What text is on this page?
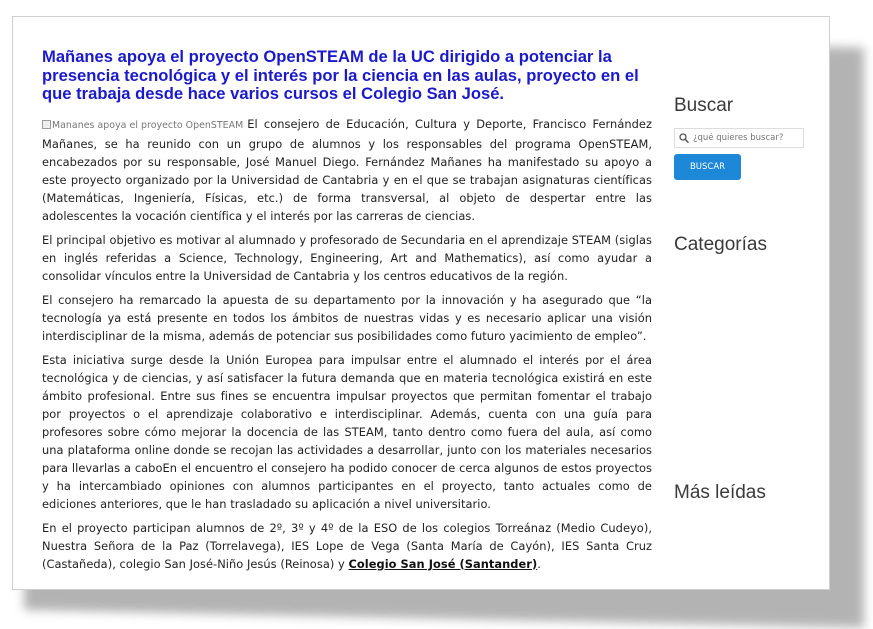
Mañanes apoya el proyecto OpenSTEAM de la UC dirigido a potenciar la presencia tecnológica y el interés por la ciencia en las aulas, proyecto en el que trabaja desde hace varios cursos el Colegio San José.

Mananes apoya el proyecto OpenSTEAM El consejero de Educación, Cultura y Deporte, Francisco Fernández Mañanes, se ha reunido con un grupo de alumnos y los responsables del programa OpenSTEAM, encabezados por su responsable, José Manuel Diego. Fernández Mañanes ha manifestado su apoyo a este proyecto organizado por la Universidad de Cantabria y en el que se trabajan asignaturas científicas (Matemáticas, Ingeniería, Físicas, etc.) de forma transversal, al objeto de despertar entre las adolescentes la vocación científica y el interés por las carreras de ciencias.

El principal objetivo es motivar al alumnado y profesorado de Secundaria en el aprendizaje STEAM (siglas en inglés referidas a Science, Technology, Engineering, Art and Mathematics), así como ayudar a consolidar vínculos entre la Universidad de Cantabria y los centros educativos de la región.

El consejero ha remarcado la apuesta de su departamento por la innovación y ha asegurado que “la tecnología ya está presente en todos los ámbitos de nuestras vidas y es necesario aplicar una visión interdisciplinar de la misma, además de potenciar sus posibilidades como futuro yacimiento de empleo”.

Esta iniciativa surge desde la Unión Europea para impulsar entre el alumnado el interés por el área tecnológica y de ciencias, y así satisfacer la futura demanda que en materia tecnológica existirá en este ámbito profesional. Entre sus fines se encuentra impulsar proyectos que permitan fomentar el trabajo por proyectos o el aprendizaje colaborativo e interdisciplinar. Además, cuenta con una guía para profesores sobre cómo mejorar la docencia de las STEAM, tanto dentro como fuera del aula, así como una plataforma online donde se recojan las actividades a desarrollar, junto con los materiales necesarios para llevarlas a caboEn el encuentro el consejero ha podido conocer de cerca algunos de estos proyectos y ha intercambiado opiniones con alumnos participantes en el proyecto, tanto actuales como de ediciones anteriores, que le han trasladado su aplicación a nivel universitario.

En el proyecto participan alumnos de 2º, 3º y 4º de la ESO de los colegios Torreánaz (Medio Cudeyo), Nuestra Señora de la Paz (Torrelavega), IES Lope de Vega (Santa María de Cayón), IES Santa Cruz (Castañeda), colegio San José-Niño Jesús (Reinosa) y Colegio San José (Santander).

Buscar
¿qué quieres buscar?
BUSCAR
Categorías
Más leídas
